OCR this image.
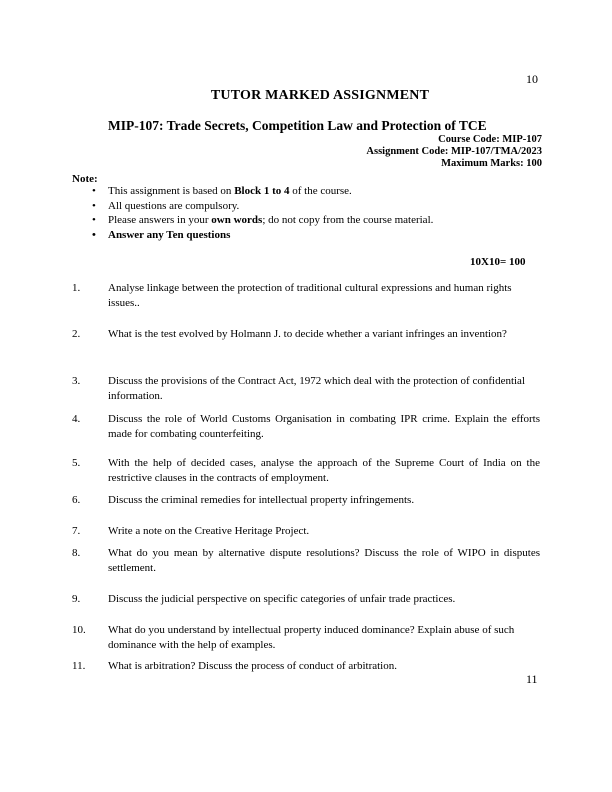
10
TUTOR MARKED ASSIGNMENT
MIP-107: Trade Secrets, Competition Law and Protection of TCE
Course Code: MIP-107
Assignment Code: MIP-107/TMA/2023
Maximum Marks: 100
Note:
• This assignment is based on Block 1 to 4 of the course.
• All questions are compulsory.
• Please answers in your own words; do not copy from the course material.
• Answer any Ten questions
10X10= 100
1.	Analyse linkage between the protection of traditional cultural expressions and human rights issues..
2.	What is the test evolved by Holmann J. to decide whether a variant infringes an invention?
3.	Discuss the provisions of the Contract Act, 1972 which deal with the protection of confidential information.
4.	Discuss the role of World Customs Organisation in combating IPR crime. Explain the efforts made for combating counterfeiting.
5.	With the help of decided cases, analyse the approach of the Supreme Court of India on the restrictive clauses in the contracts of employment.
6.	Discuss the criminal remedies for intellectual property infringements.
7.	Write a note on the Creative Heritage Project.
8.	What do you mean by alternative dispute resolutions? Discuss the role of WIPO in disputes settlement.
9.	Discuss the judicial perspective on specific categories of unfair trade practices.
10. What do you understand by intellectual property induced dominance? Explain abuse of such dominance with the help of examples.
11. What is arbitration? Discuss the process of conduct of arbitration.
11
